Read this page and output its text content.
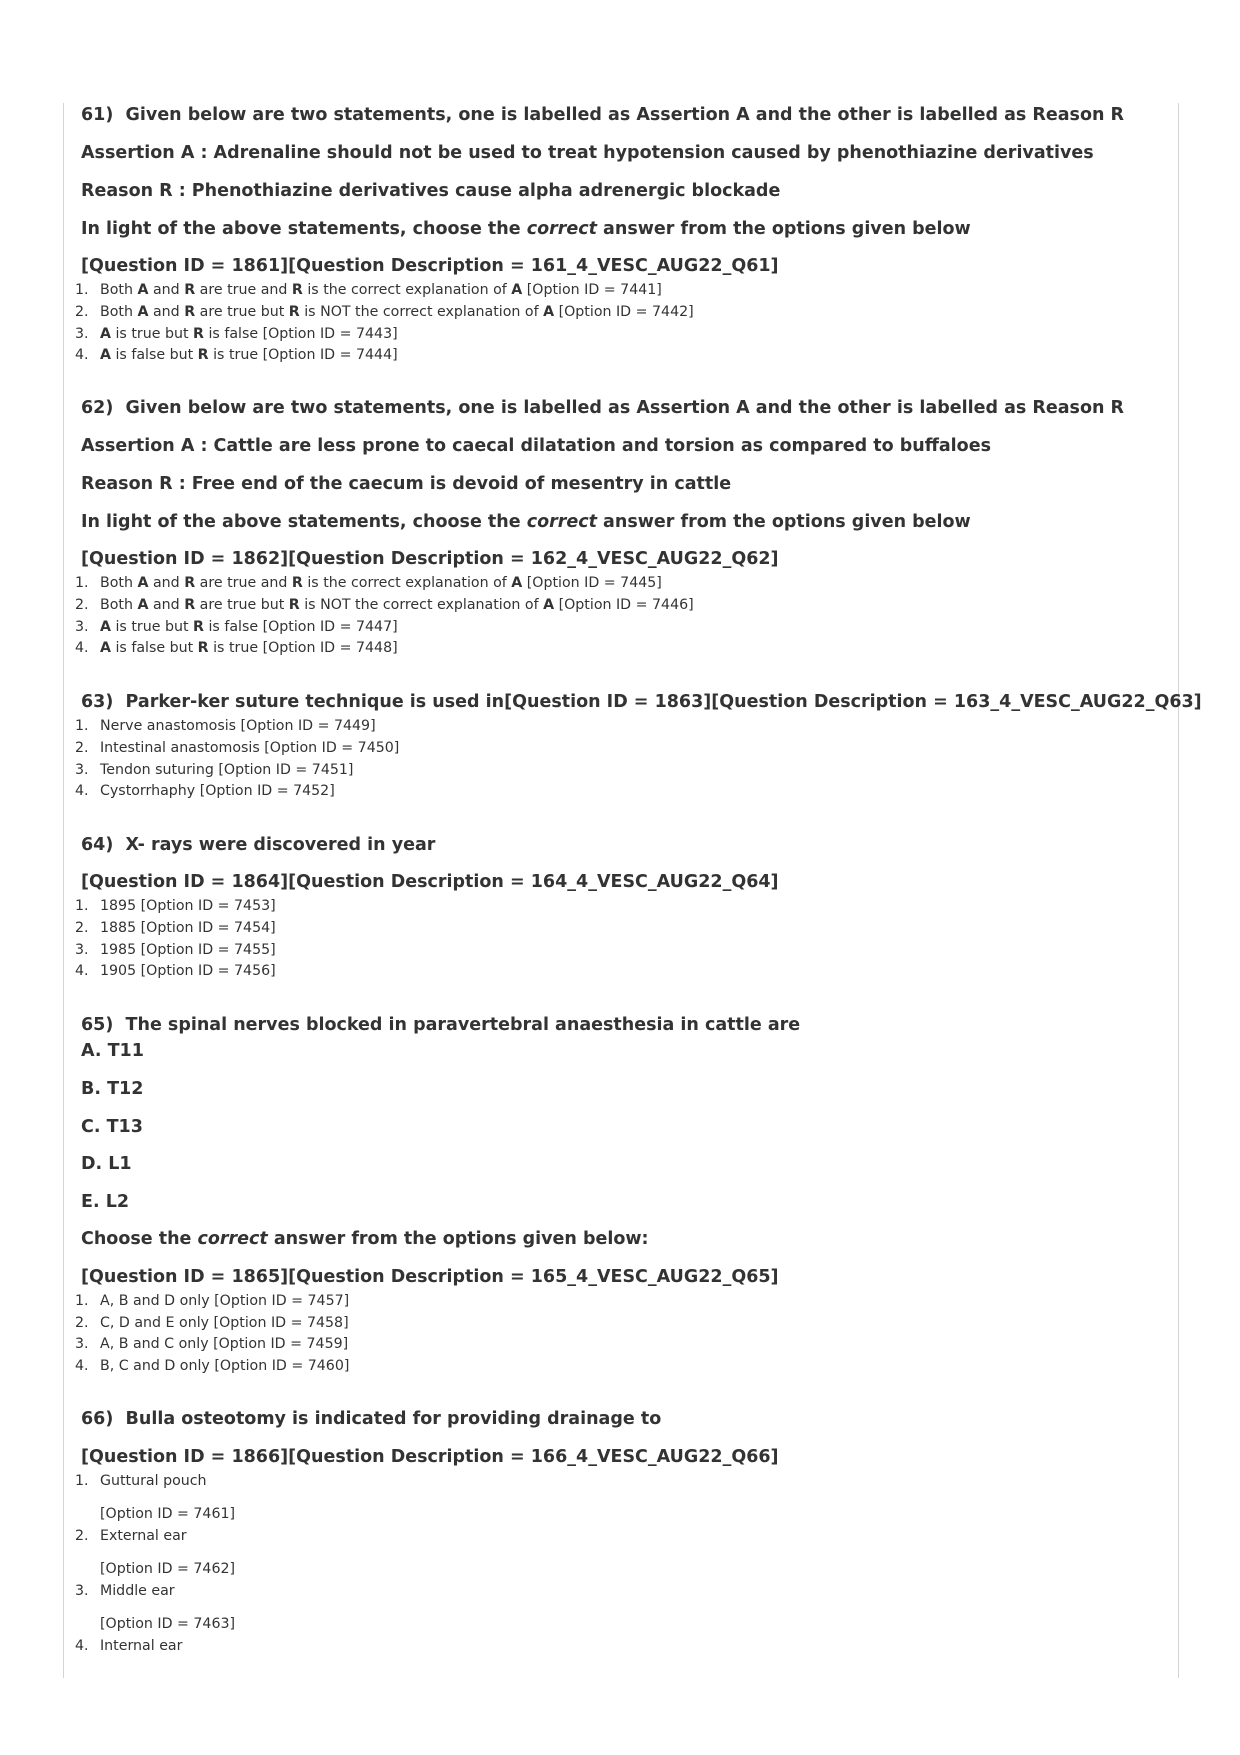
61) Given below are two statements, one is labelled as Assertion A and the other is labelled as Reason R
Assertion A : Adrenaline should not be used to treat hypotension caused by phenothiazine derivatives
Reason R : Phenothiazine derivatives cause alpha adrenergic blockade
In light of the above statements, choose the correct answer from the options given below
[Question ID = 1861][Question Description = 161_4_VESC_AUG22_Q61]
1. Both A and R are true and R is the correct explanation of A [Option ID = 7441]
2. Both A and R are true but R is NOT the correct explanation of A [Option ID = 7442]
3. A is true but R is false [Option ID = 7443]
4. A is false but R is true [Option ID = 7444]
62) Given below are two statements, one is labelled as Assertion A and the other is labelled as Reason R
Assertion A : Cattle are less prone to caecal dilatation and torsion as compared to buffaloes
Reason R : Free end of the caecum is devoid of mesentry in cattle
In light of the above statements, choose the correct answer from the options given below
[Question ID = 1862][Question Description = 162_4_VESC_AUG22_Q62]
1. Both A and R are true and R is the correct explanation of A [Option ID = 7445]
2. Both A and R are true but R is NOT the correct explanation of A [Option ID = 7446]
3. A is true but R is false [Option ID = 7447]
4. A is false but R is true [Option ID = 7448]
63) Parker-ker suture technique is used in[Question ID = 1863][Question Description = 163_4_VESC_AUG22_Q63]
1. Nerve anastomosis [Option ID = 7449]
2. Intestinal anastomosis [Option ID = 7450]
3. Tendon suturing [Option ID = 7451]
4. Cystorrhaphy [Option ID = 7452]
64) X- rays were discovered in year
[Question ID = 1864][Question Description = 164_4_VESC_AUG22_Q64]
1. 1895 [Option ID = 7453]
2. 1885 [Option ID = 7454]
3. 1985 [Option ID = 7455]
4. 1905 [Option ID = 7456]
65) The spinal nerves blocked in paravertebral anaesthesia in cattle are
A. T11
B. T12
C. T13
D. L1
E. L2
Choose the correct answer from the options given below:
[Question ID = 1865][Question Description = 165_4_VESC_AUG22_Q65]
1. A, B and D only [Option ID = 7457]
2. C, D and E only [Option ID = 7458]
3. A, B and C only [Option ID = 7459]
4. B, C and D only [Option ID = 7460]
66) Bulla osteotomy is indicated for providing drainage to
[Question ID = 1866][Question Description = 166_4_VESC_AUG22_Q66]
1. Guttural pouch
[Option ID = 7461]
2. External ear
[Option ID = 7462]
3. Middle ear
[Option ID = 7463]
4. Internal ear
